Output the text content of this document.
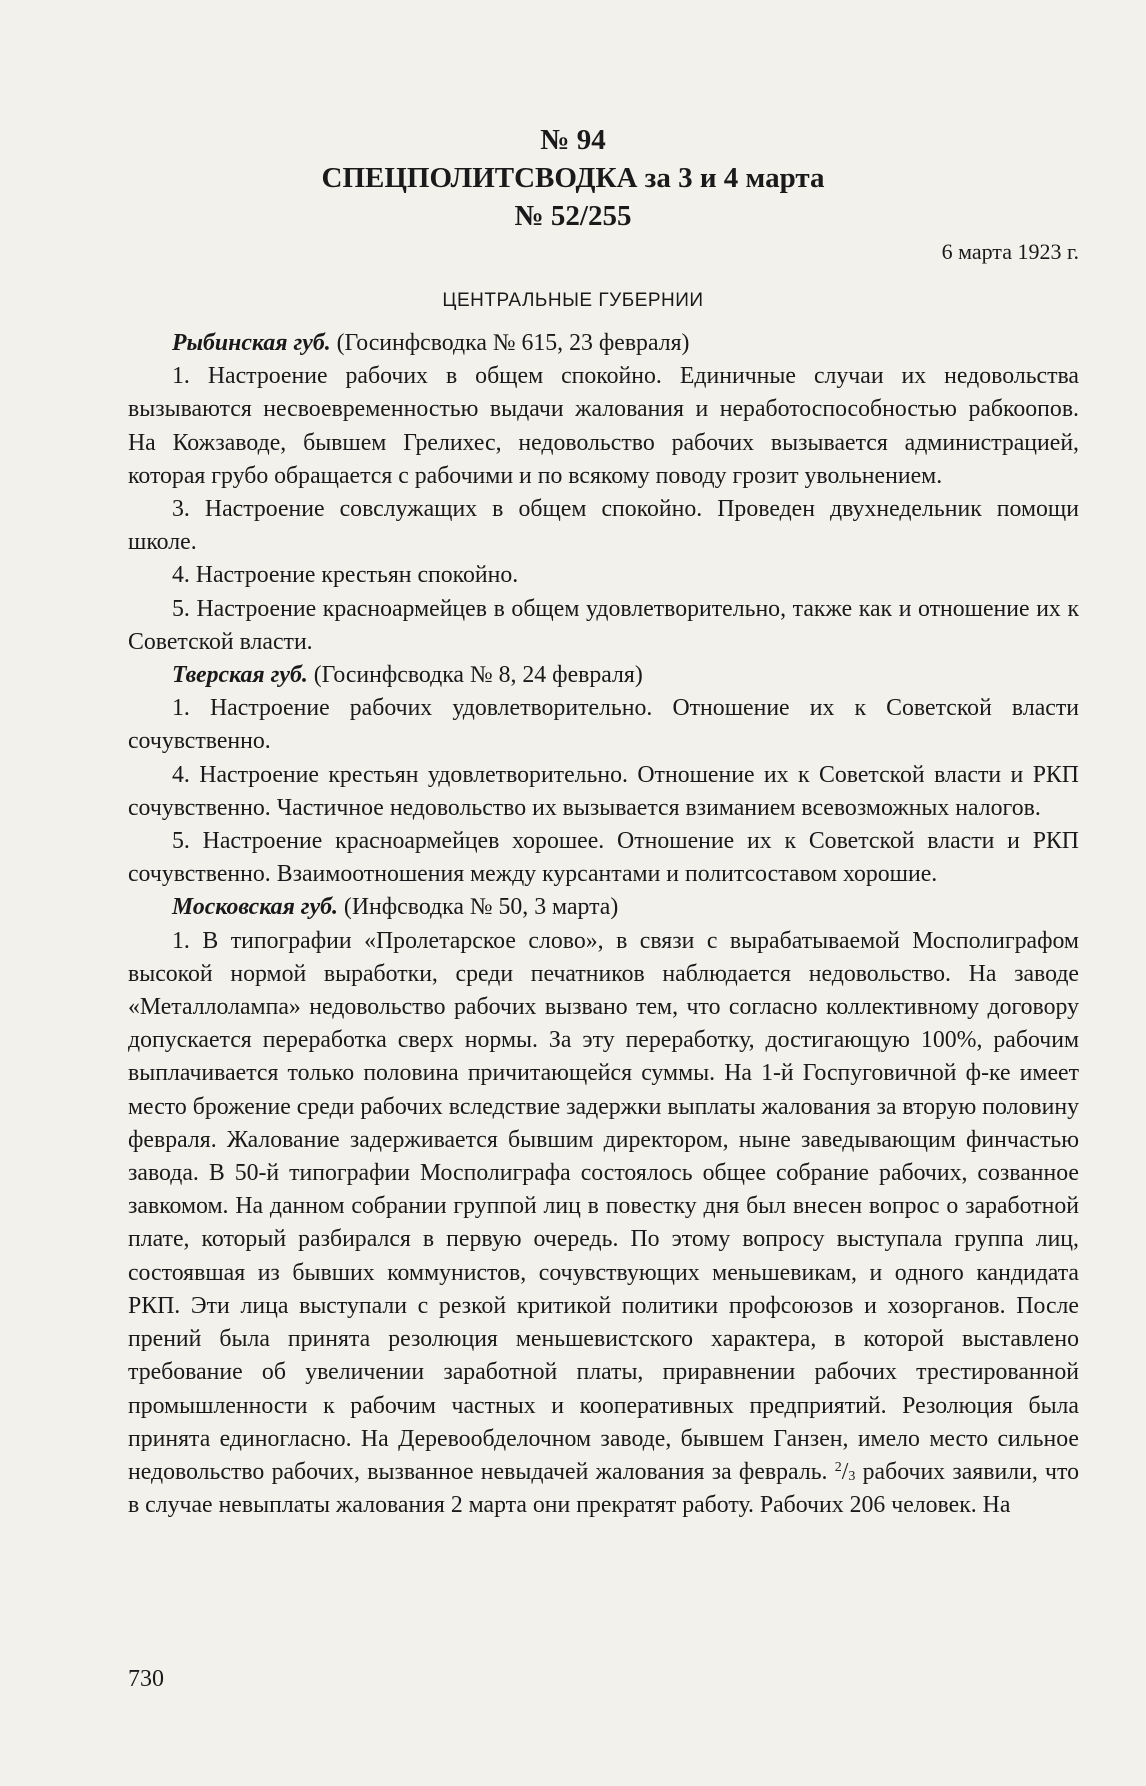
№ 94
СПЕЦПОЛИТСВОДКА за 3 и 4 марта
№ 52/255
6 марта 1923 г.
ЦЕНТРАЛЬНЫЕ ГУБЕРНИИ

Рыбинская губ. (Госинфсводка № 615, 23 февраля)

1. Настроение рабочих в общем спокойно. Единичные случаи их недовольства вызываются несвоевременностью выдачи жалования и неработоспособностью рабкоопов. На Кожзаводе, бывшем Грелихес, недовольство рабочих вызывается администрацией, которая грубо обращается с рабочими и по всякому поводу грозит увольнением.

3. Настроение совслужащих в общем спокойно. Проведен двухнедельник помощи школе.

4. Настроение крестьян спокойно.

5. Настроение красноармейцев в общем удовлетворительно, также как и отношение их к Советской власти.

Тверская губ. (Госинфсводка № 8, 24 февраля)

1. Настроение рабочих удовлетворительно. Отношение их к Советской власти сочувственно.

4. Настроение крестьян удовлетворительно. Отношение их к Советской власти и РКП сочувственно. Частичное недовольство их вызывается взиманием всевозможных налогов.

5. Настроение красноармейцев хорошее. Отношение их к Советской власти и РКП сочувственно. Взаимоотношения между курсантами и политсоставом хорошие.

Московская губ. (Инфсводка № 50, 3 марта)

1. В типографии «Пролетарское слово», в связи с вырабатываемой Мосполиграфом высокой нормой выработки, среди печатников наблюдается недовольство. На заводе «Металлолампа» недовольство рабочих вызвано тем, что согласно коллективному договору допускается переработка сверх нормы. За эту переработку, достигающую 100%, рабочим выплачивается только половина причитающейся суммы. На 1-й Госпуговичной ф-ке имеет место брожение среди рабочих вследствие задержки выплаты жалования за вторую половину февраля. Жалование задерживается бывшим директором, ныне заведывающим финчастью завода. В 50-й типографии Мосполиграфа состоялось общее собрание рабочих, созванное завкомом. На данном собрании группой лиц в повестку дня был внесен вопрос о заработной плате, который разбирался в первую очередь. По этому вопросу выступала группа лиц, состоявшая из бывших коммунистов, сочувствующих меньшевикам, и одного кандидата РКП. Эти лица выступали с резкой критикой политики профсоюзов и хозорганов. После прений была принята резолюция меньшевистского характера, в которой выставлено требование об увеличении заработной платы, приравнении рабочих трестированной промышленности к рабочим частных и кооперативных предприятий. Резолюция была принята единогласно. На Деревообделочном заводе, бывшем Ганзен, имело место сильное недовольство рабочих, вызванное невыдачей жалования за февраль. $^2/_3$ рабочих заявили, что в случае невыплаты жалования 2 марта они прекратят работу. Рабочих 206 человек. На

730
